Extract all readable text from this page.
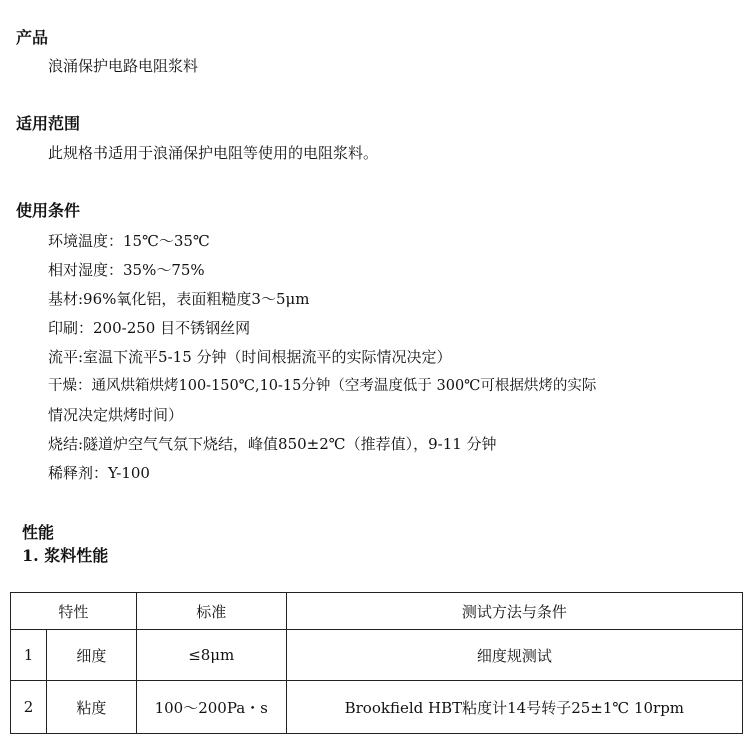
产品
浪涌保护电路电阻浆料
适用范围
此规格书适用于浪涌保护电阻等使用的电阻浆料。
使用条件
环境温度：15℃～35℃
相对湿度：35%～75%
基材:96%氧化铝，表面粗糙度3～5μm
印刷：200-250 目不锈钢丝网
流平:室温下流平5-15 分钟（时间根据流平的实际情况决定）
干燥：通风烘箱烘烤100-150℃,10-15分钟（空考温度低于 300℃可根据烘烤的实际
情况决定烘烤时间）
烧结:隧道炉空气气氛下烧结，峰值850±2℃（推荐值），9-11 分钟
稀释剂：Y-100
性能
1. 浆料性能
特性		标准	测试方法与条件
1	细度	≤8μm	细度规测试
2	粘度	100～200Pa・s	Brookfield HBT粘度计14号转子25±1℃ 10rpm
